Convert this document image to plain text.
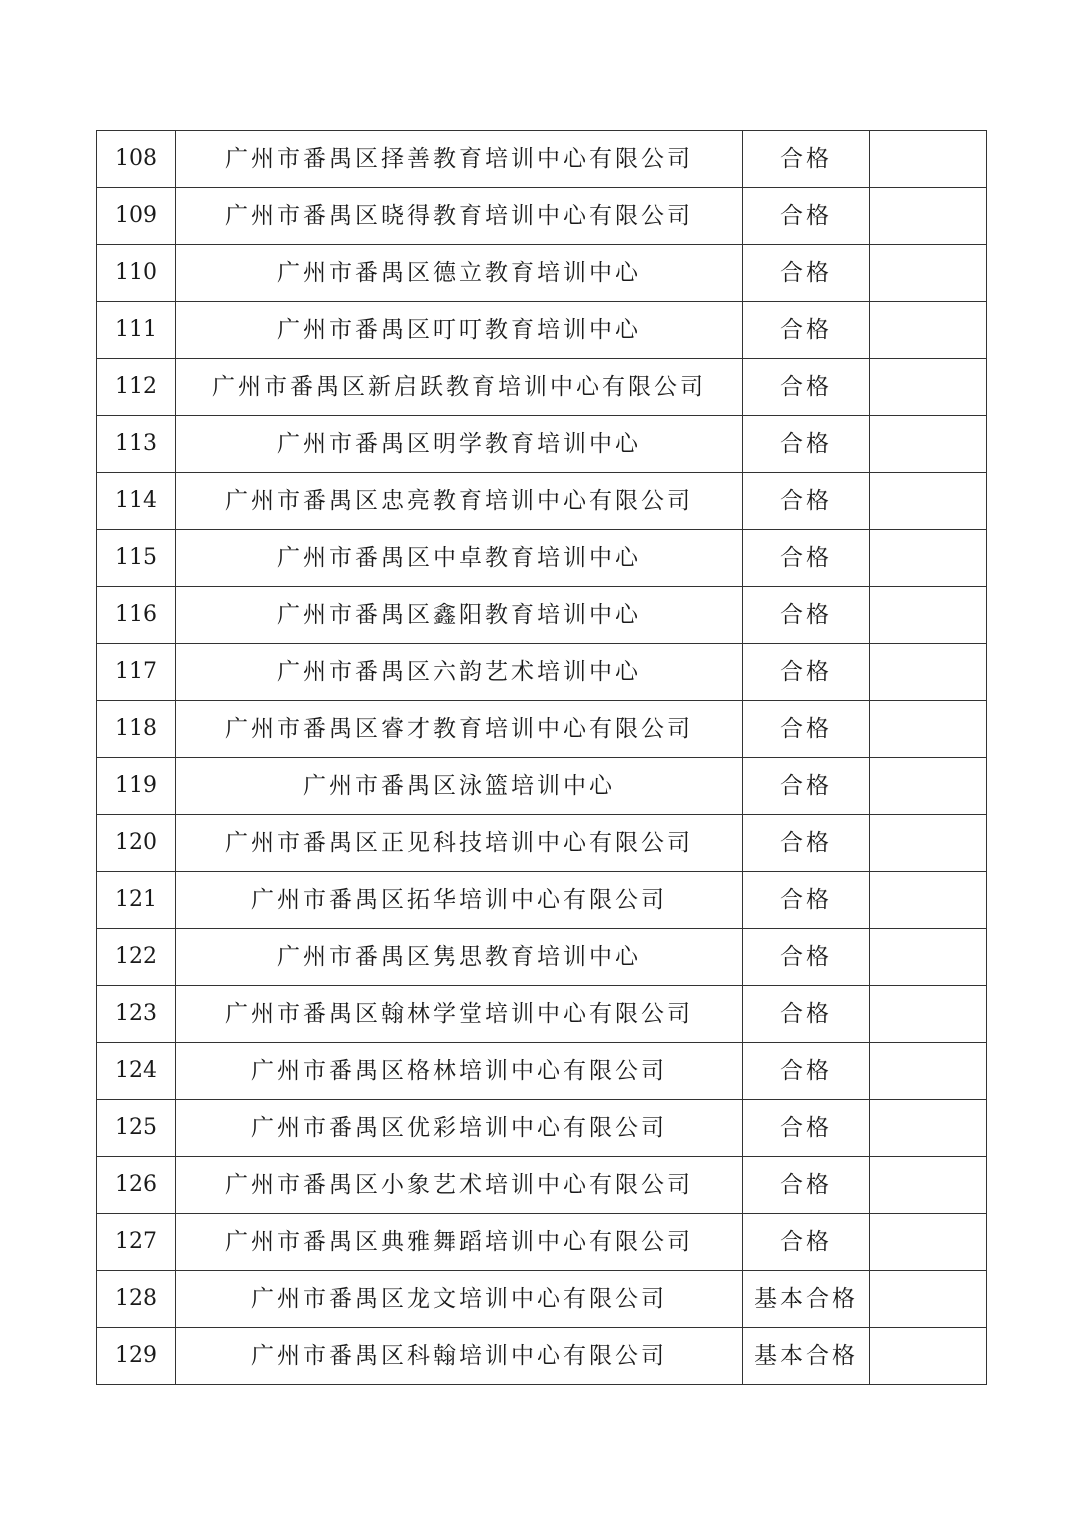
108	广州市番禺区择善教育培训中心有限公司	合格	
109	广州市番禺区晓得教育培训中心有限公司	合格	
110	广州市番禺区德立教育培训中心	合格	
111	广州市番禺区叮叮教育培训中心	合格	
112	广州市番禺区新启跃教育培训中心有限公司	合格	
113	广州市番禺区明学教育培训中心	合格	
114	广州市番禺区忠亮教育培训中心有限公司	合格	
115	广州市番禺区中卓教育培训中心	合格	
116	广州市番禺区鑫阳教育培训中心	合格	
117	广州市番禺区六韵艺术培训中心	合格	
118	广州市番禺区睿才教育培训中心有限公司	合格	
119	广州市番禺区泳篮培训中心	合格	
120	广州市番禺区正见科技培训中心有限公司	合格	
121	广州市番禺区拓华培训中心有限公司	合格	
122	广州市番禺区隽思教育培训中心	合格	
123	广州市番禺区翰林学堂培训中心有限公司	合格	
124	广州市番禺区格林培训中心有限公司	合格	
125	广州市番禺区优彩培训中心有限公司	合格	
126	广州市番禺区小象艺术培训中心有限公司	合格	
127	广州市番禺区典雅舞蹈培训中心有限公司	合格	
128	广州市番禺区龙文培训中心有限公司	基本合格	
129	广州市番禺区科翰培训中心有限公司	基本合格	
